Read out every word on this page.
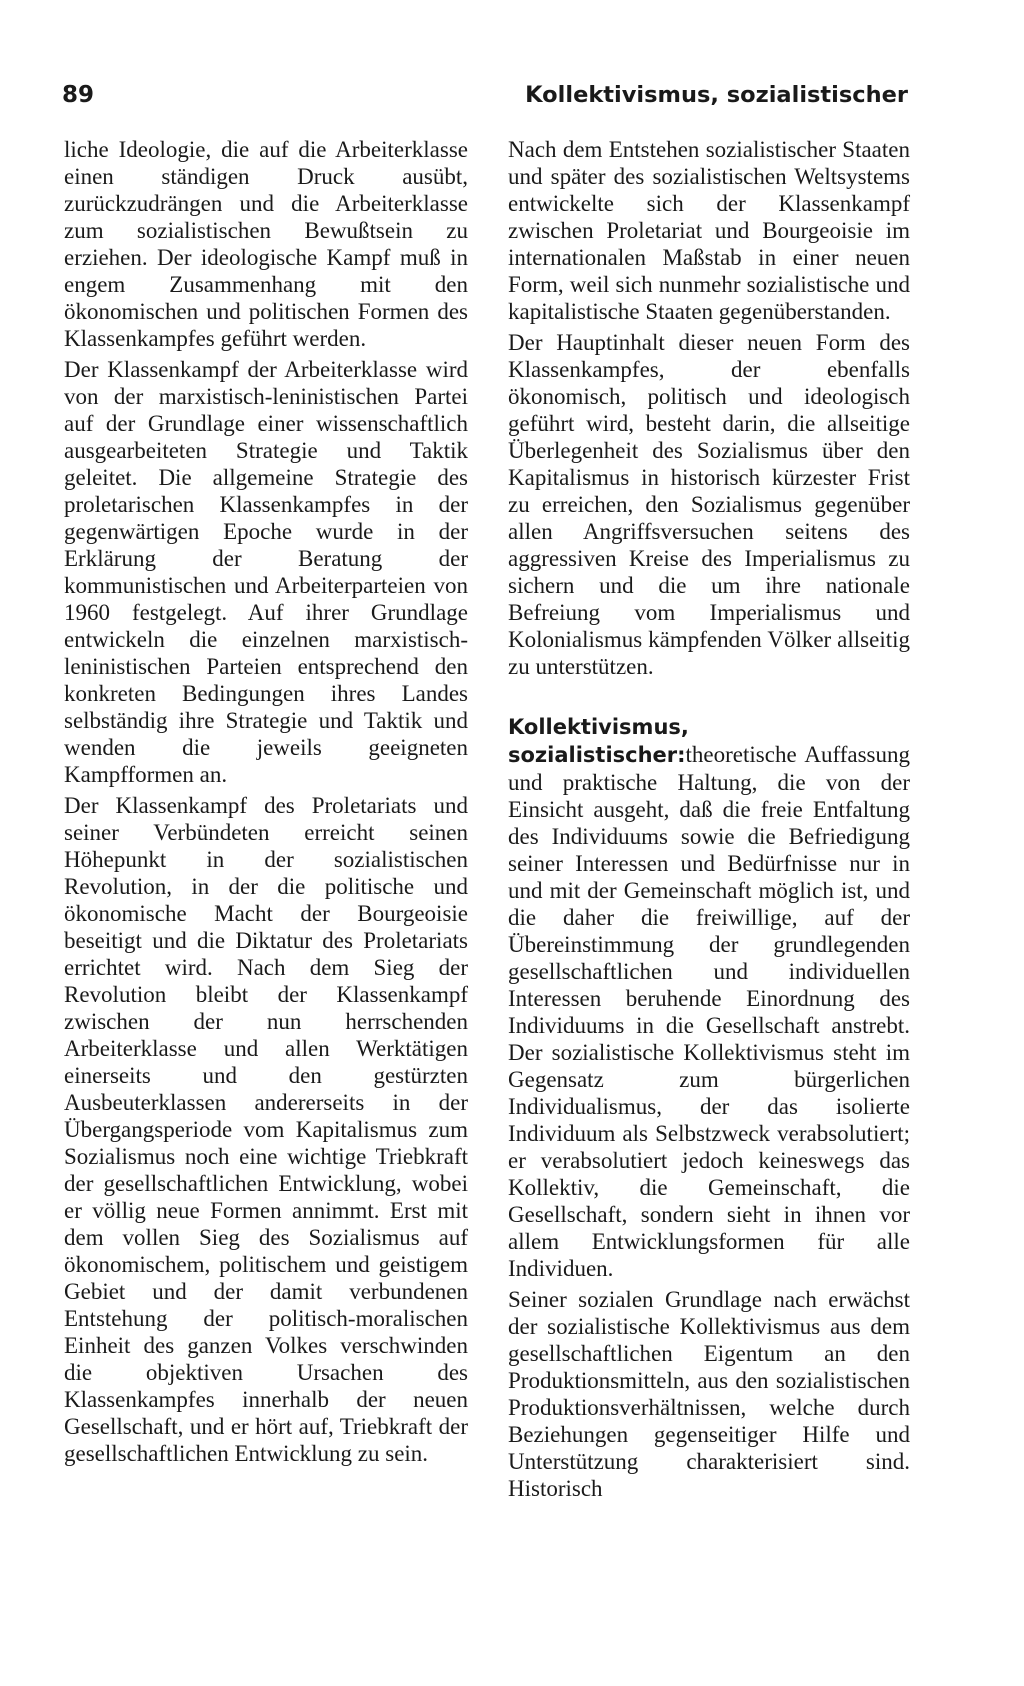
89	Kollektivismus, sozialistischer

liche Ideologie, die auf die Arbeiterklasse einen ständigen Druck ausübt, zurückzudrängen und die Arbeiterklasse zum sozialistischen Bewußtsein zu erziehen. Der ideologische Kampf muß in engem Zusammenhang mit den ökonomischen und politischen Formen des Klassenkampfes geführt werden.

Der Klassenkampf der Arbeiterklasse wird von der marxistisch-leninistischen Partei auf der Grundlage einer wissenschaftlich ausgearbeiteten Strategie und Taktik geleitet. Die allgemeine Strategie des proletarischen Klassenkampfes in der gegenwärtigen Epoche wurde in der Erklärung der Beratung der kommunistischen und Arbeiterparteien von 1960 festgelegt. Auf ihrer Grundlage entwickeln die einzelnen marxistisch-leninistischen Parteien entsprechend den konkreten Bedingungen ihres Landes selbständig ihre Strategie und Taktik und wenden die jeweils geeigneten Kampfformen an.

Der Klassenkampf des Proletariats und seiner Verbündeten erreicht seinen Höhepunkt in der sozialistischen Revolution, in der die politische und ökonomische Macht der Bourgeoisie beseitigt und die Diktatur des Proletariats errichtet wird. Nach dem Sieg der Revolution bleibt der Klassenkampf zwischen der nun herrschenden Arbeiterklasse und allen Werktätigen einerseits und den gestürzten Ausbeuterklassen andererseits in der Übergangsperiode vom Kapitalismus zum Sozialismus noch eine wichtige Triebkraft der gesellschaftlichen Entwicklung, wobei er völlig neue Formen annimmt. Erst mit dem vollen Sieg des Sozialismus auf ökonomischem, politischem und geistigem Gebiet und der damit verbundenen Entstehung der politisch-moralischen Einheit des ganzen Volkes verschwinden die objektiven Ursachen des Klassenkampfes innerhalb der neuen Gesellschaft, und er hört auf, Triebkraft der gesellschaftlichen Entwicklung zu sein.

Nach dem Entstehen sozialistischer Staaten und später des sozialistischen Weltsystems entwickelte sich der Klassenkampf zwischen Proletariat und Bourgeoisie im internationalen Maßstab in einer neuen Form, weil sich nunmehr sozialistische und kapitalistische Staaten gegenüberstanden.

Der Hauptinhalt dieser neuen Form des Klassenkampfes, der ebenfalls ökonomisch, politisch und ideologisch geführt wird, besteht darin, die allseitige Überlegenheit des Sozialismus über den Kapitalismus in historisch kürzester Frist zu erreichen, den Sozialismus gegenüber allen Angriffsversuchen seitens des aggressiven Kreise des Imperialismus zu sichern und die um ihre nationale Befreiung vom Imperialismus und Kolonialismus kämpfenden Völker allseitig zu unterstützen.

Kollektivismus, sozialistischer:theoretische Auffassung und praktische Haltung, die von der Einsicht ausgeht, daß die freie Entfaltung des Individuums sowie die Befriedigung seiner Interessen und Bedürfnisse nur in und mit der Gemeinschaft möglich ist, und die daher die freiwillige, auf der Übereinstimmung der grundlegenden gesellschaftlichen und individuellen Interessen beruhende Einordnung des Individuums in die Gesellschaft anstrebt. Der sozialistische Kollektivismus steht im Gegensatz zum bürgerlichen Individualismus, der das isolierte Individuum als Selbstzweck verabsolutiert; er verabsolutiert jedoch keineswegs das Kollektiv, die Gemeinschaft, die Gesellschaft, sondern sieht in ihnen vor allem Entwicklungsformen für alle Individuen.

Seiner sozialen Grundlage nach erwächst der sozialistische Kollektivismus aus dem gesellschaftlichen Eigentum an den Produktionsmitteln, aus den sozialistischen Produktionsverhältnissen, welche durch Beziehungen gegenseitiger Hilfe und Unterstützung charakterisiert sind. Historisch
